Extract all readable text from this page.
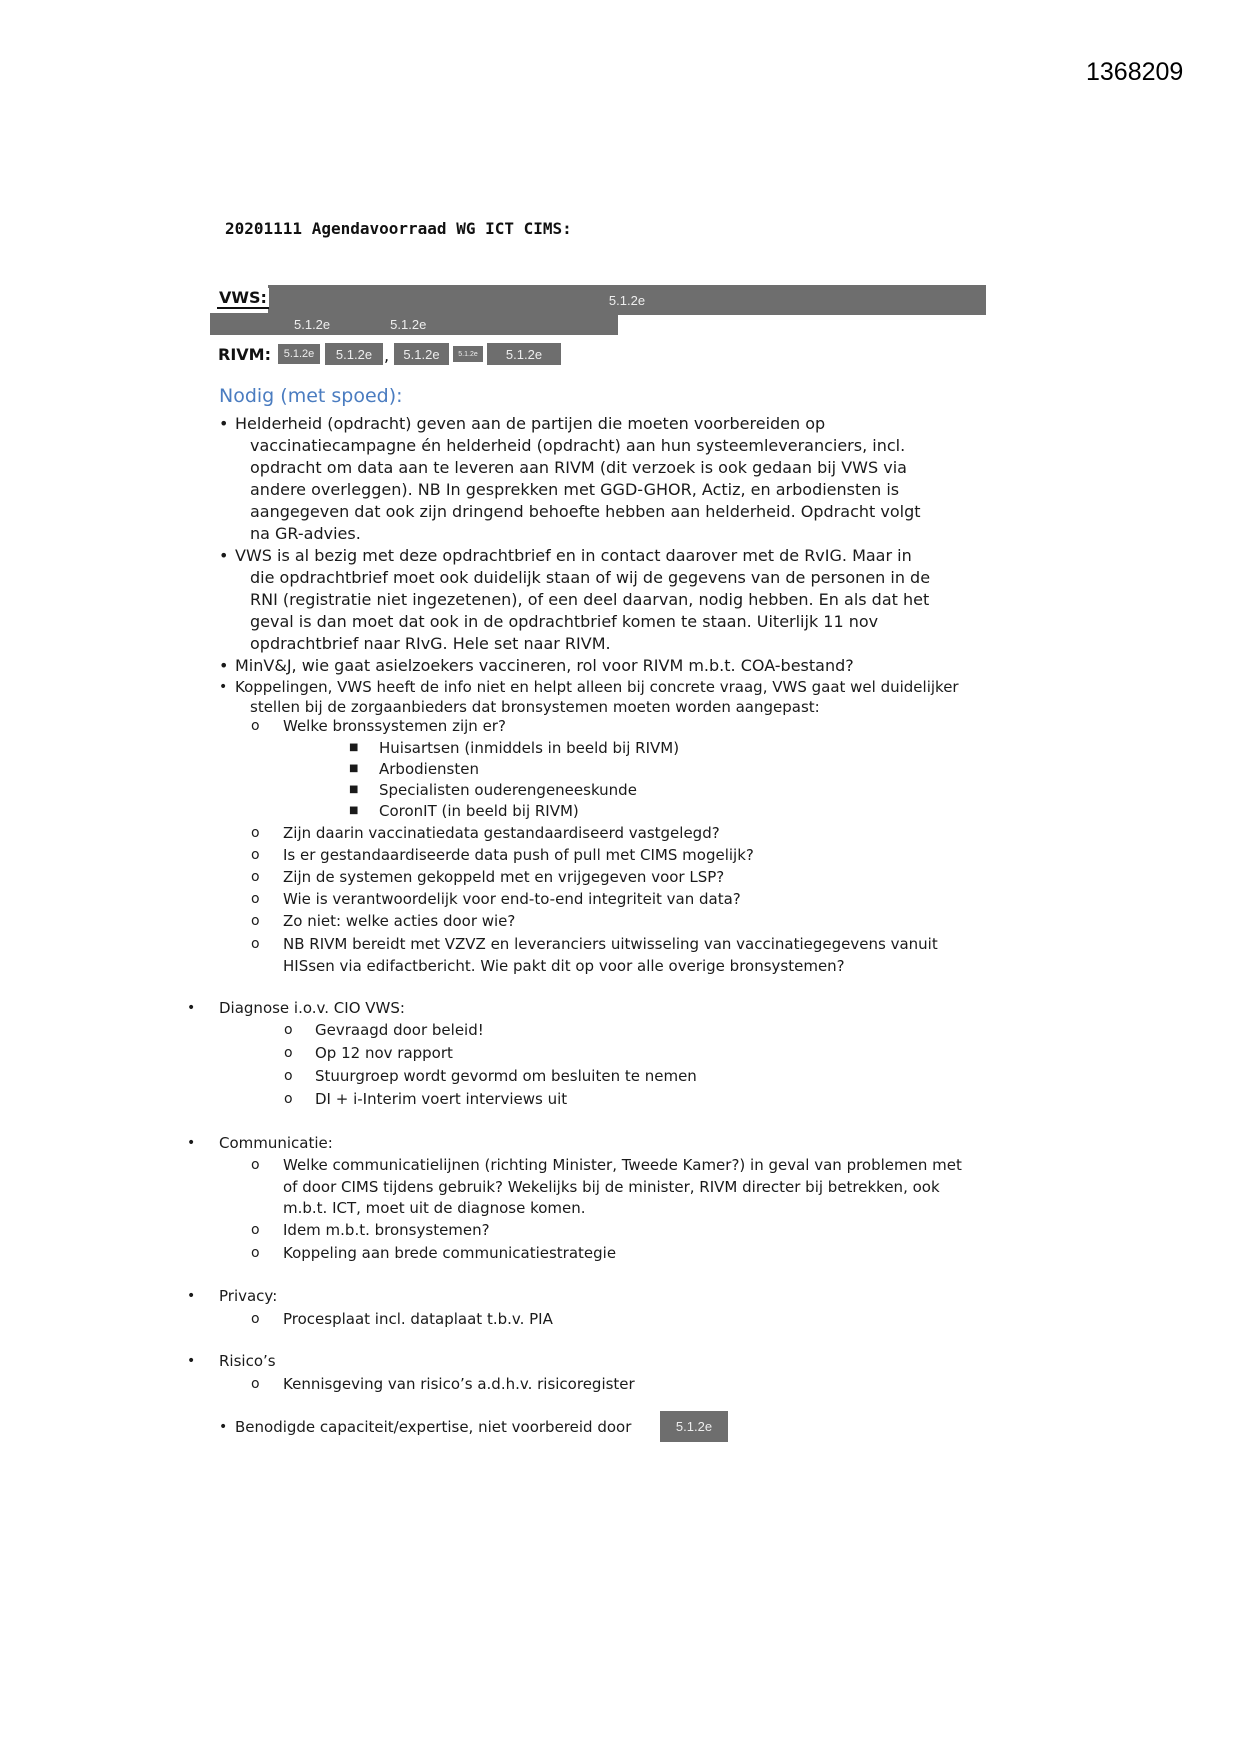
1368209
20201111 Agendavoorraad WG ICT CIMS:
5.1.2e
5.1.2e	5.1.2e
VWS:
RIVM: 5.1.2e 5.1.2e , 5.1.2e	5.1.2e 5.1.2e
Nodig (met spoed):
• Helderheid (opdracht) geven aan de partijen die moeten voorbereiden op
vaccinatiecampagne én helderheid (opdracht) aan hun systeemleveranciers, incl.
opdracht om data aan te leveren aan RIVM (dit verzoek is ook gedaan bij VWS via
andere overleggen). NB In gesprekken met GGD-GHOR, Actiz, en arbodiensten is
aangegeven dat ook zijn dringend behoefte hebben aan helderheid. Opdracht volgt
na GR-advies.
• VWS is al bezig met deze opdrachtbrief en in contact daarover met de RvIG. Maar in
die opdrachtbrief moet ook duidelijk staan of wij de gegevens van de personen in de
RNI (registratie niet ingezetenen), of een deel daarvan, nodig hebben. En als dat het
geval is dan moet dat ook in de opdrachtbrief komen te staan. Uiterlijk 11 nov
opdrachtbrief naar RIvG. Hele set naar RIVM.
• MinV&J, wie gaat asielzoekers vaccineren, rol voor RIVM m.b.t. COA-bestand?
• Koppelingen, VWS heeft de info niet en helpt alleen bij concrete vraag, VWS gaat wel duidelijker
stellen bij de zorgaanbieders dat bronsystemen moeten worden aangepast:
o Welke bronssystemen zijn er?
■ Huisartsen (inmiddels in beeld bij RIVM)
■ Arbodiensten
■ Specialisten ouderengeneeskunde
■ CoronIT (in beeld bij RIVM)
o Zijn daarin vaccinatiedata gestandaardiseerd vastgelegd?
o Is er gestandaardiseerde data push of pull met CIMS mogelijk?
o Zijn de systemen gekoppeld met en vrijgegeven voor LSP?
o Wie is verantwoordelijk voor end-to-end integriteit van data?
o Zo niet: welke acties door wie?
o NB RIVM bereidt met VZVZ en leveranciers uitwisseling van vaccinatiegegevens vanuit
HISsen via edifactbericht. Wie pakt dit op voor alle overige bronsystemen?
• Diagnose i.o.v. CIO VWS:
o Gevraagd door beleid!
o Op 12 nov rapport
o Stuurgroep wordt gevormd om besluiten te nemen
o DI + i-Interim voert interviews uit
• Communicatie:
o Welke communicatielijnen (richting Minister, Tweede Kamer?) in geval van problemen met
of door CIMS tijdens gebruik? Wekelijks bij de minister, RIVM directer bij betrekken, ook
m.b.t. ICT, moet uit de diagnose komen.
o Idem m.b.t. bronsystemen?
o Koppeling aan brede communicatiestrategie
• Privacy:
o Procesplaat incl. dataplaat t.b.v. PIA
• Risico’s
o Kennisgeving van risico’s a.d.h.v. risicoregister
• Benodigde capaciteit/expertise, niet voorbereid door	5.1.2e
